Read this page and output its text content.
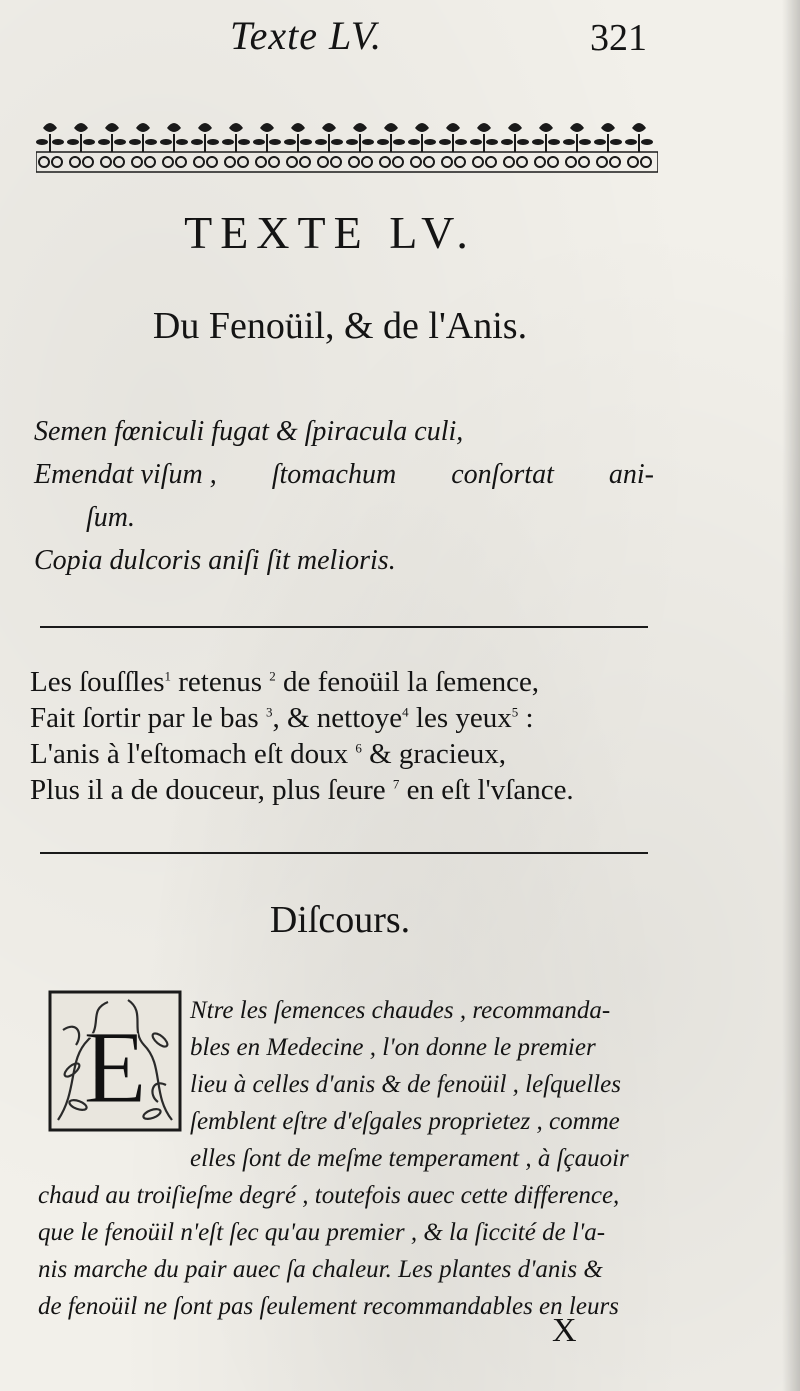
Texte LV.	321
TEXTE LV.
Du Fenoüil, & de l'Anis.
Semen fœniculi fugat & ſpiracula culi,
Emendat viſum , ſtomachum conſortat ani-
ſum.
Copia dulcoris aniſi ſit melioris.
Les ſouſſles$^1$ retenus $^2$ de fenoüil la ſemence,
Fait ſortir par le bas $^3$, & nettoye$^4$ les yeux$^5$ :
L'anis à l'eſtomach eſt doux $^6$ & gracieux,
Plus il a de douceur, plus ſeure $^7$ en eſt l'vſance.
Diſcours.
E Ntre les ſemences chaudes , recommanda-
bles en Medecine , l'on donne le premier
lieu à celles d'anis & de fenoüil , leſquelles
ſemblent eſtre d'eſgales proprietez , comme
elles ſont de meſme temperament , à ſçauoir
chaud au troiſieſme degré , toutefois auec cette difference,
que le fenoüil n'eſt ſec qu'au premier , & la ſiccité de l'a-
nis marche du pair auec ſa chaleur. Les plantes d'anis &
de fenoüil ne ſont pas ſeulement recommandables en leurs
X
